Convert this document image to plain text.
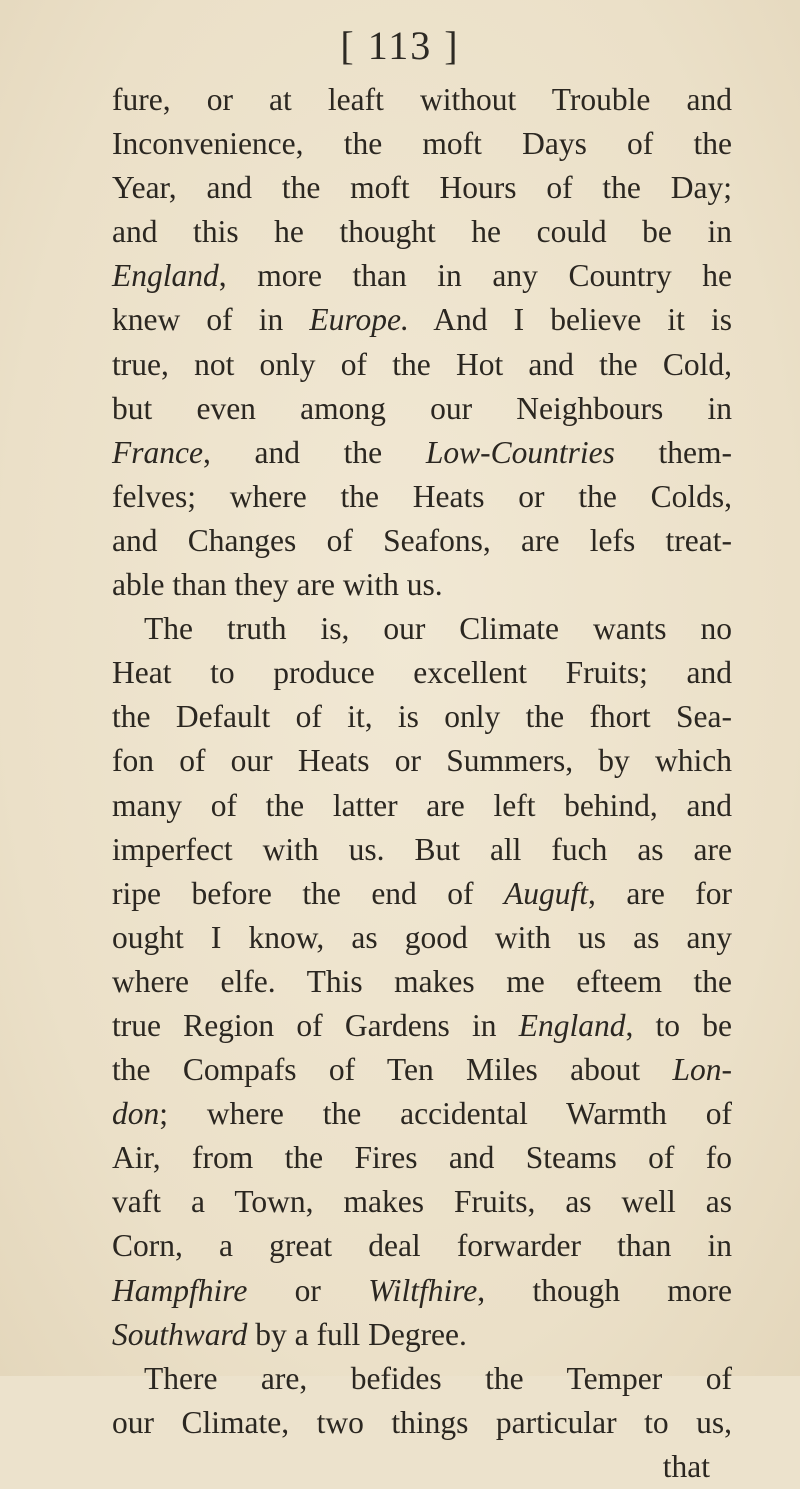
[ 113 ]
fure, or at leaft without Trouble and
Inconvenience, the moft Days of the
Year, and the moft Hours of the Day;
and this he thought he could be in
England, more than in any Country he
knew of in Europe. And I believe it is
true, not only of the Hot and the Cold,
but even among our Neighbours in
France, and the Low-Countries them-
felves; where the Heats or the Colds,
and Changes of Seafons, are lefs treat-
able than they are with us.
The truth is, our Climate wants no
Heat to produce excellent Fruits; and
the Default of it, is only the fhort Sea-
fon of our Heats or Summers, by which
many of the latter are left behind, and
imperfect with us. But all fuch as are
ripe before the end of Auguft, are for
ought I know, as good with us as any
where elfe. This makes me efteem the
true Region of Gardens in England, to be
the Compafs of Ten Miles about Lon-
don; where the accidental Warmth of
Air, from the Fires and Steams of fo
vaft a Town, makes Fruits, as well as
Corn, a great deal forwarder than in
Hampfhire or Wiltfhire, though more
Southward by a full Degree.
There are, befides the Temper of
our Climate, two things particular to us,
that
